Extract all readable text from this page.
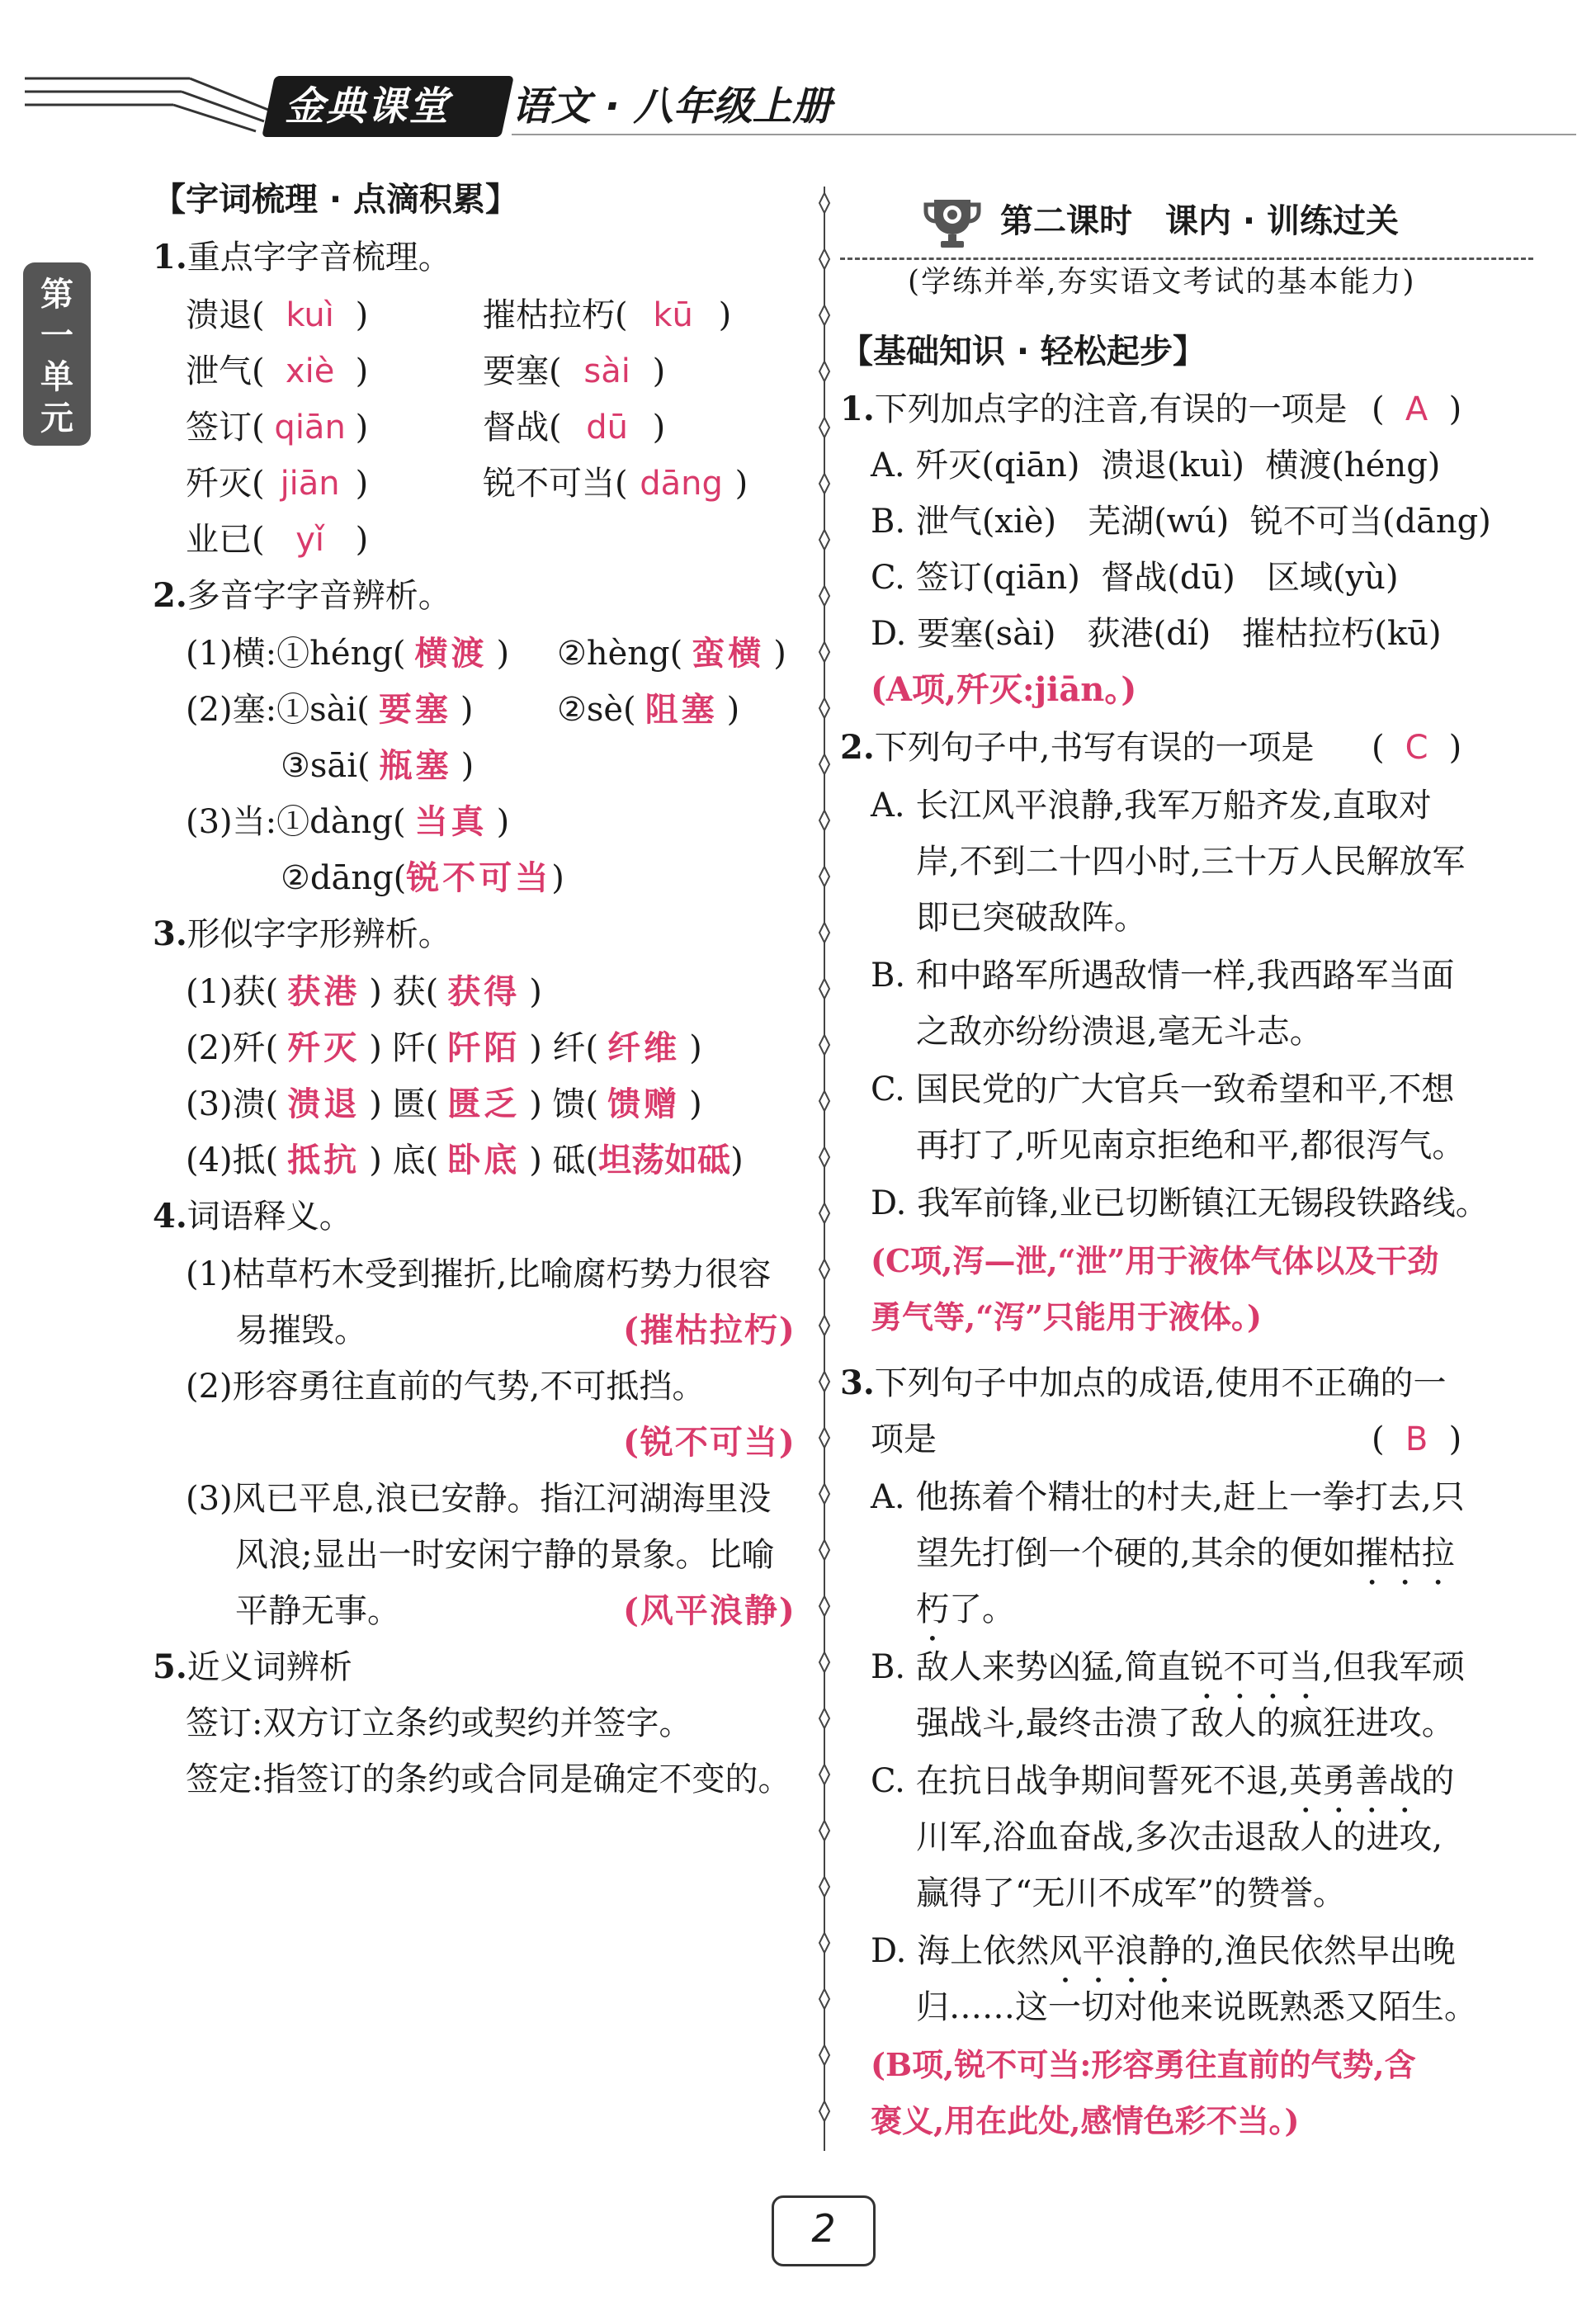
金典课堂	语文 · 八年级上册
第
一
单
元
【字词梳理 · 点滴积累】
1.重点字字音梳理。
溃退( kuì )	摧枯拉朽( kū )
泄气( xiè )	要塞( sài )
签订( qiān )	督战( dū )
歼灭( jiān )	锐不可当( dāng )
业已( yǐ )
2.多音字字音辨析。
(1)横:①héng( 横渡 ) ②hèng( 蛮横 )
(2)塞:①sài( 要塞 )	②sè( 阻塞 )
③sāi( 瓶塞 )
(3)当:①dàng( 当真 )
②dāng(锐不可当)
3.形似字字形辨析。
(1)获( 获港 ) 获( 获得 )
(2)歼( 歼灭 ) 阡( 阡陌 ) 纤( 纤维 )
(3)溃( 溃退 ) 匮( 匮乏 ) 馈( 馈赠 )
(4)抵( 抵抗 ) 底( 卧底 ) 砥(坦荡如砥)
4.词语释义。
(1)枯草朽木受到摧折,比喻腐朽势力很容
易摧毁。	(摧枯拉朽)
(2)形容勇往直前的气势,不可抵挡。
(锐不可当)
(3)风已平息,浪已安静。指江河湖海里没
风浪;显出一时安闲宁静的景象。比喻
平静无事。	(风平浪静)
5.近义词辨析
签订:双方订立条约或契约并签字。
签定:指签订的条约或合同是确定不变的。
第二课时　课内 · 训练过关
(学练并举,夯实语文考试的基本能力)
【基础知识 · 轻松起步】
1.下列加点字的注音,有误的一项是 ( A )
A. 歼灭(qiān)  溃退(kuì)  横渡(héng)
B. 泄气(xiè)   芜湖(wú)  锐不可当(dāng)
C. 签订(qiān)  督战(dū)   区域(yù)
D. 要塞(sài)   荻港(dí)   摧枯拉朽(kū)
(A项,歼灭:jiān。)
2.下列句子中,书写有误的一项是 ( C )
A. 长江风平浪静,我军万船齐发,直取对
岸,不到二十四小时,三十万人民解放军
即已突破敌阵。
B. 和中路军所遇敌情一样,我西路军当面
之敌亦纷纷溃退,毫无斗志。
C. 国民党的广大官兵一致希望和平,不想
再打了,听见南京拒绝和平,都很泻气。
D. 我军前锋,业已切断镇江无锡段铁路线。
(C项,泻—泄,“泄”用于液体气体以及干劲
勇气等,“泻”只能用于液体。)
3.下列句子中加点的成语,使用不正确的一
项是	( B )
A. 他拣着个精壮的村夫,赶上一拳打去,只
望先打倒一个硬的,其余的便如摧枯拉
朽了。
B. 敌人来势凶猛,简直锐不可当,但我军顽
强战斗,最终击溃了敌人的疯狂进攻。
C. 在抗日战争期间誓死不退,英勇善战的
川军,浴血奋战,多次击退敌人的进攻,
赢得了“无川不成军”的赞誉。
D. 海上依然风平浪静的,渔民依然早出晚
归……这一切对他来说既熟悉又陌生。
(B项,锐不可当:形容勇往直前的气势,含
褒义,用在此处,感情色彩不当。)
2
